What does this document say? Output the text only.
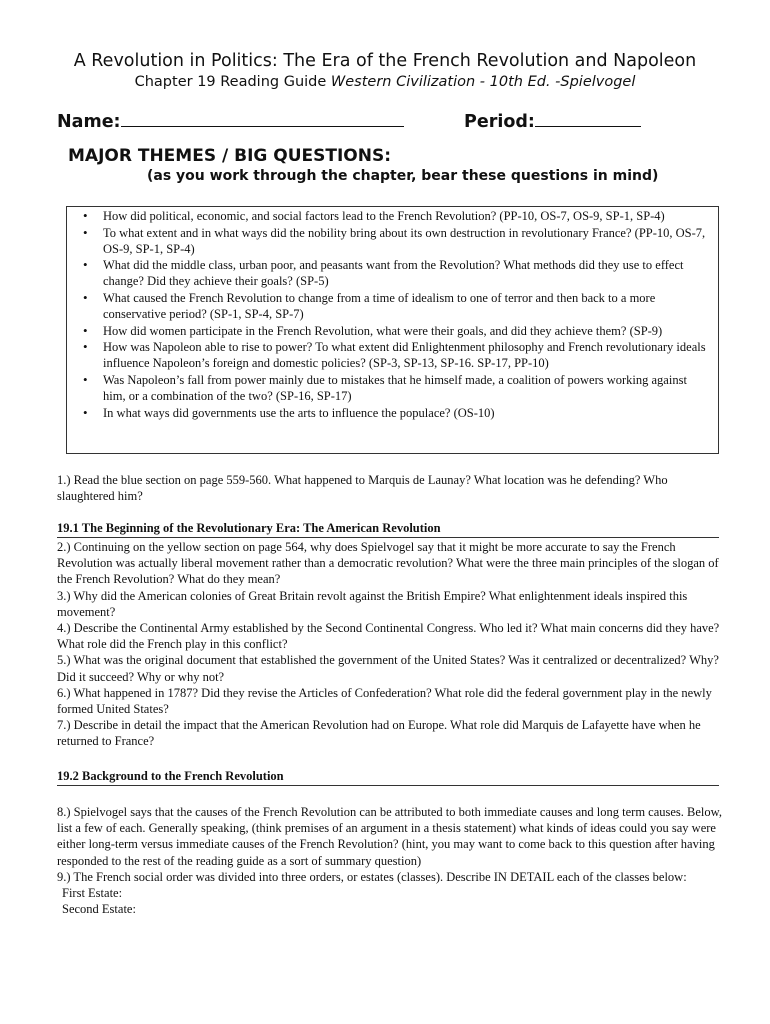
A Revolution in Politics: The Era of the French Revolution and Napoleon
Chapter 19 Reading Guide Western Civilization - 10th Ed. -Spielvogel
Name:	Period:
MAJOR THEMES / BIG QUESTIONS:
(as you work through the chapter, bear these questions in mind)
• How did political, economic, and social factors lead to the French Revolution? (PP-10, OS-7, OS-9, SP-1, SP-4)
• To what extent and in what ways did the nobility bring about its own destruction in revolutionary France? (PP-10, OS-7, OS-9, SP-1, SP-4)
• What did the middle class, urban poor, and peasants want from the Revolution? What methods did they use to effect change? Did they achieve their goals? (SP-5)
• What caused the French Revolution to change from a time of idealism to one of terror and then back to a more conservative period? (SP-1, SP-4, SP-7)
• How did women participate in the French Revolution, what were their goals, and did they achieve them? (SP-9)
• How was Napoleon able to rise to power? To what extent did Enlightenment philosophy and French revolutionary ideals influence Napoleon’s foreign and domestic policies? (SP-3, SP-13, SP-16. SP-17, PP-10)
• Was Napoleon’s fall from power mainly due to mistakes that he himself made, a coalition of powers working against him, or a combination of the two? (SP-16, SP-17)
• In what ways did governments use the arts to influence the populace? (OS-10)

1.) Read the blue section on page 559-560. What happened to Marquis de Launay? What location was he defending? Who slaughtered him?

19.1 The Beginning of the Revolutionary Era: The American Revolution

2.) Continuing on the yellow section on page 564, why does Spielvogel say that it might be more accurate to say the French Revolution was actually liberal movement rather than a democratic revolution? What were the three main principles of the slogan of the French Revolution? What do they mean?

3.) Why did the American colonies of Great Britain revolt against the British Empire? What enlightenment ideals inspired this movement?

4.) Describe the Continental Army established by the Second Continental Congress. Who led it? What main concerns did they have? What role did the French play in this conflict?

5.) What was the original document that established the government of the United States? Was it centralized or decentralized? Why? Did it succeed? Why or why not?

6.) What happened in 1787? Did they revise the Articles of Confederation? What role did the federal government play in the newly formed United States?

7.) Describe in detail the impact that the American Revolution had on Europe. What role did Marquis de Lafayette have when he returned to France?

19.2 Background to the French Revolution

8.) Spielvogel says that the causes of the French Revolution can be attributed to both immediate causes and long term causes. Below, list a few of each. Generally speaking, (think premises of an argument in a thesis statement) what kinds of ideas could you say were either long-term versus immediate causes of the French Revolution? (hint, you may want to come back to this question after having responded to the rest of the reading guide as a sort of summary question)

9.) The French social order was divided into three orders, or estates (classes). Describe IN DETAIL each of the classes below:

First Estate:

Second Estate:
